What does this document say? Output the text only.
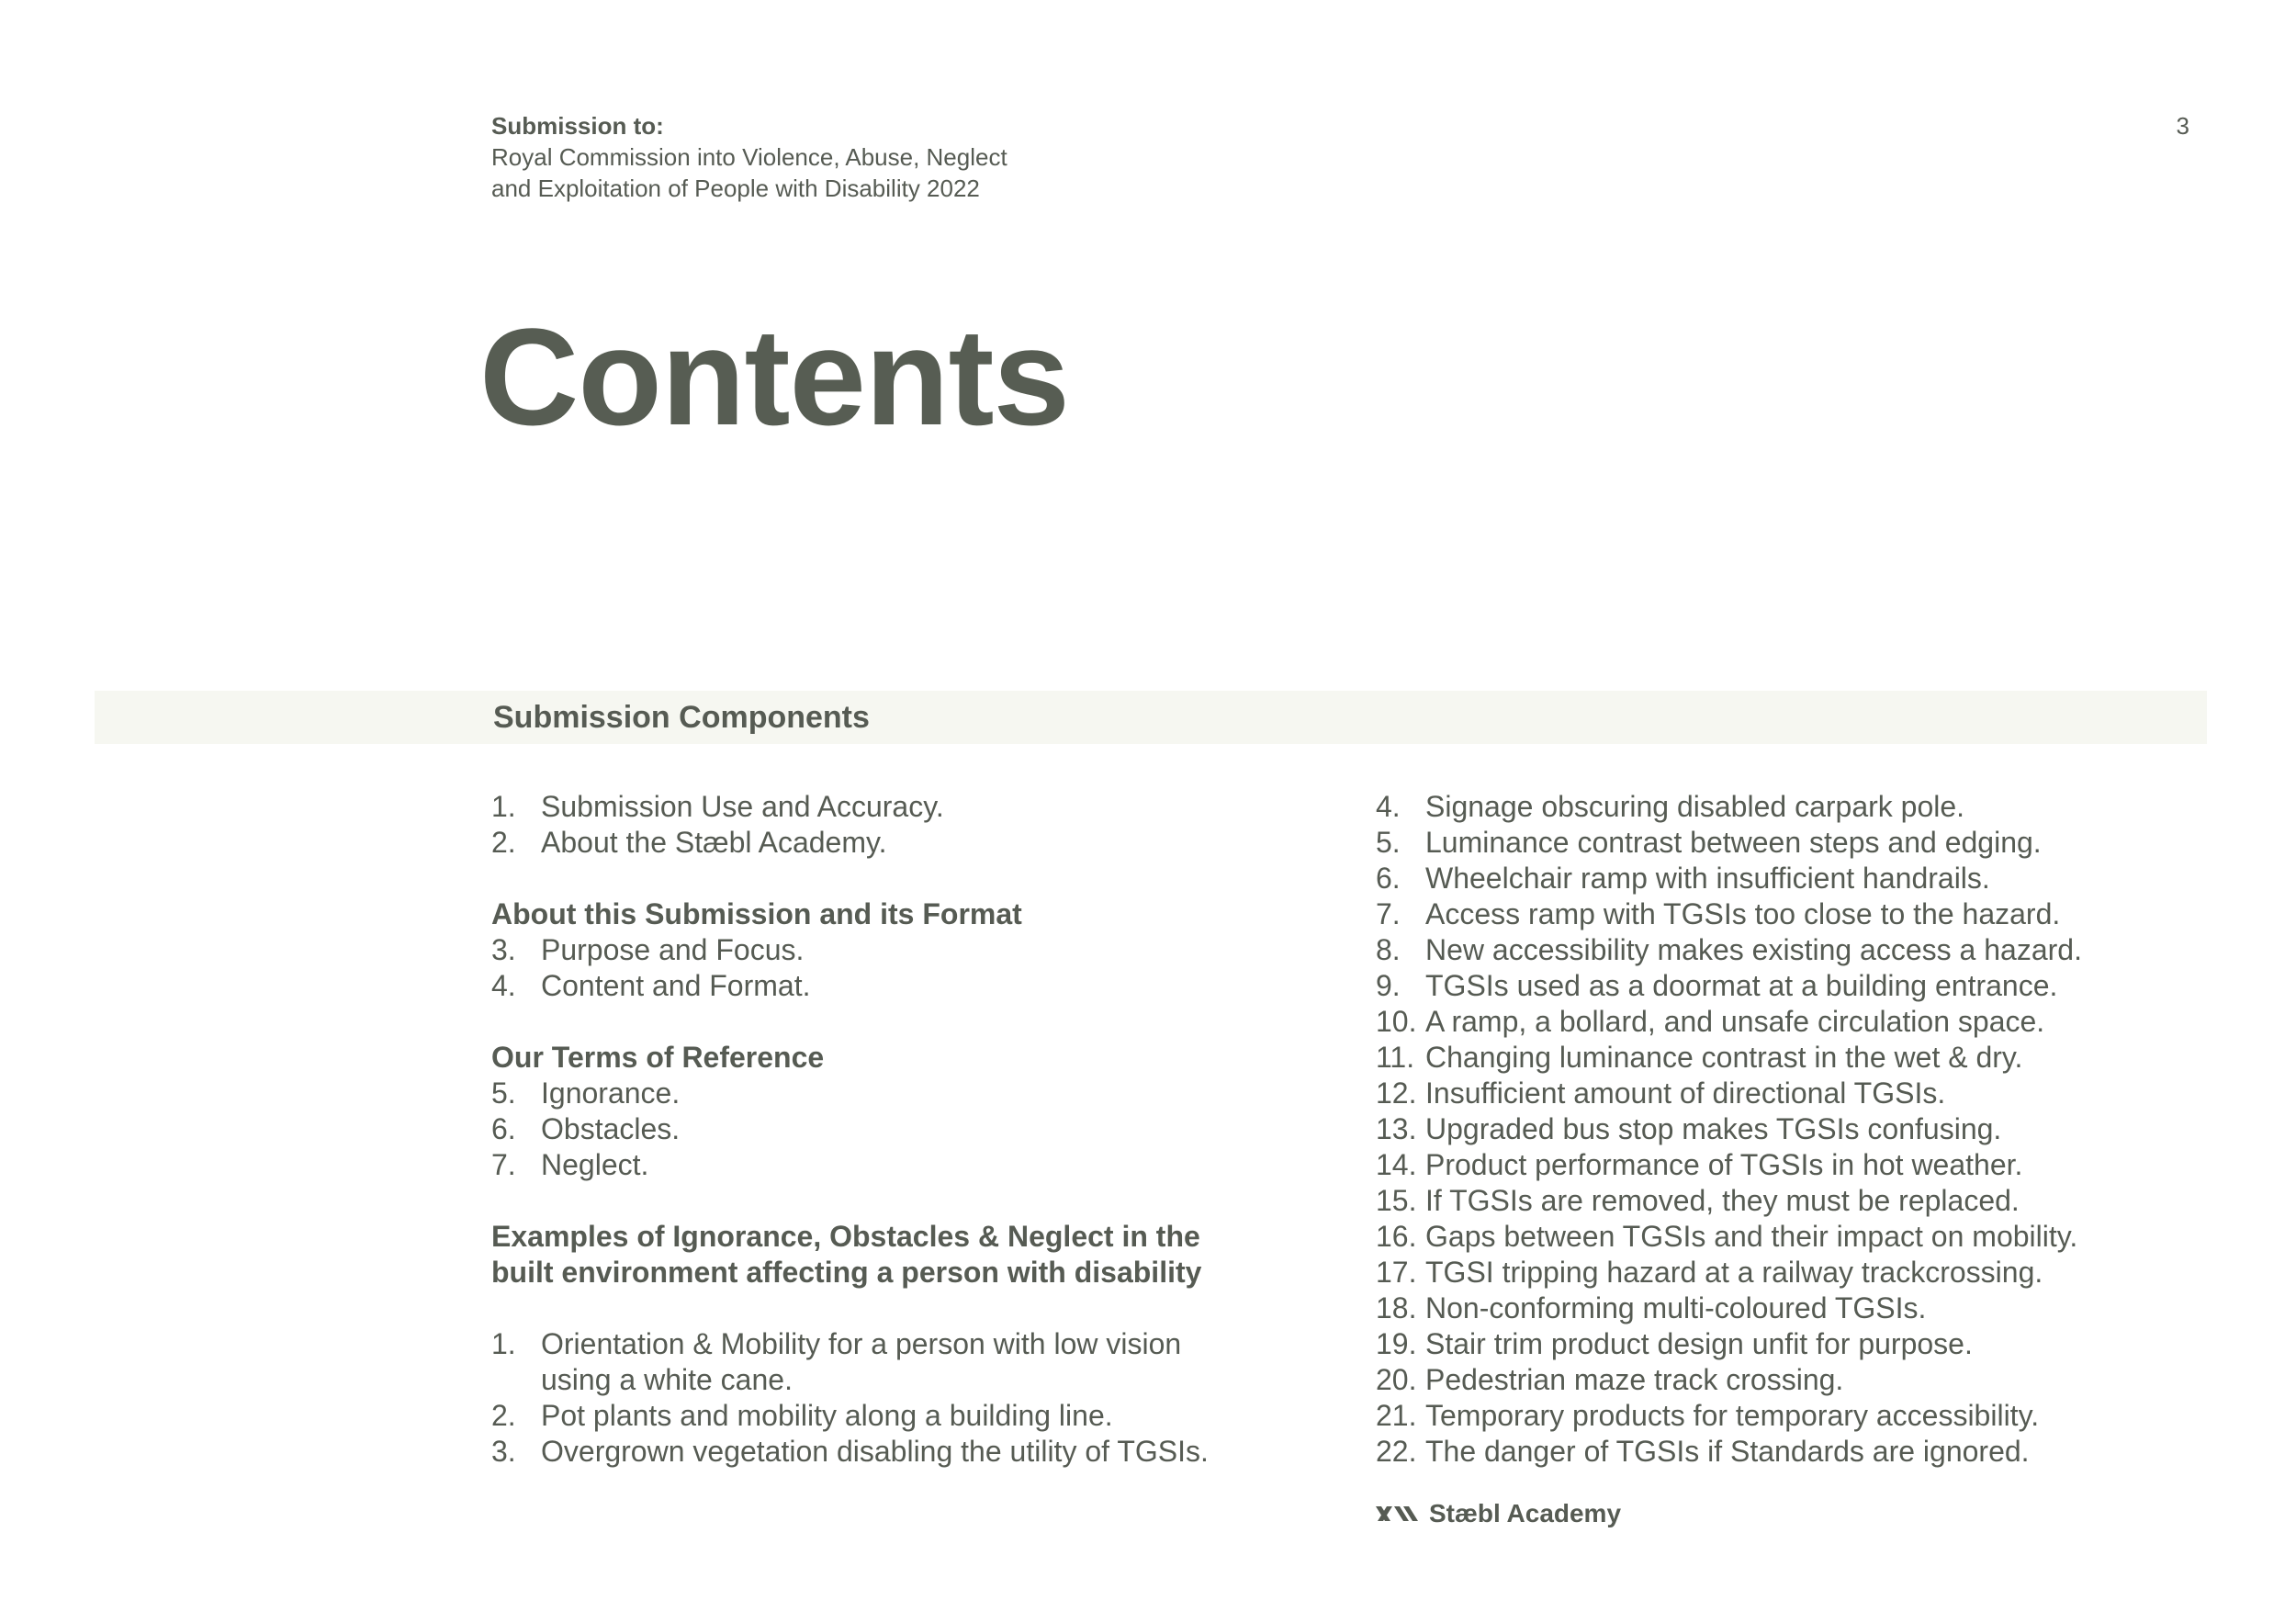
Submission to:
Royal Commission into Violence, Abuse, Neglect
and Exploitation of People with Disability 2022
3
Contents
Submission Components
1. Submission Use and Accuracy.
2. About the Stæbl Academy.
About this Submission and its Format
3. Purpose and Focus.
4. Content and Format.
Our Terms of Reference
5. Ignorance.
6. Obstacles.
7. Neglect.
Examples of Ignorance, Obstacles & Neglect in the
built environment affecting a person with disability
1. Orientation & Mobility for a person with low vision using a white cane.
2. Pot plants and mobility along a building line.
3. Overgrown vegetation disabling the utility of TGSIs.
4. Signage obscuring disabled carpark pole.
5. Luminance contrast between steps and edging.
6. Wheelchair ramp with insufficient handrails.
7. Access ramp with TGSIs too close to the hazard.
8. New accessibility makes existing access a hazard.
9. TGSIs used as a doormat at a building entrance.
10. A ramp, a bollard, and unsafe circulation space.
11. Changing luminance contrast in the wet & dry.
12. Insufficient amount of directional TGSIs.
13. Upgraded bus stop makes TGSIs confusing.
14. Product performance of TGSIs in hot weather.
15. If TGSIs are removed, they must be replaced.
16. Gaps between TGSIs and their impact on mobility.
17. TGSI tripping hazard at a railway trackcrossing.
18. Non-conforming multi-coloured TGSIs.
19. Stair trim product design unfit for purpose.
20. Pedestrian maze track crossing.
21. Temporary products for temporary accessibility.
22. The danger of TGSIs if Standards are ignored.
Stæbl Academy
